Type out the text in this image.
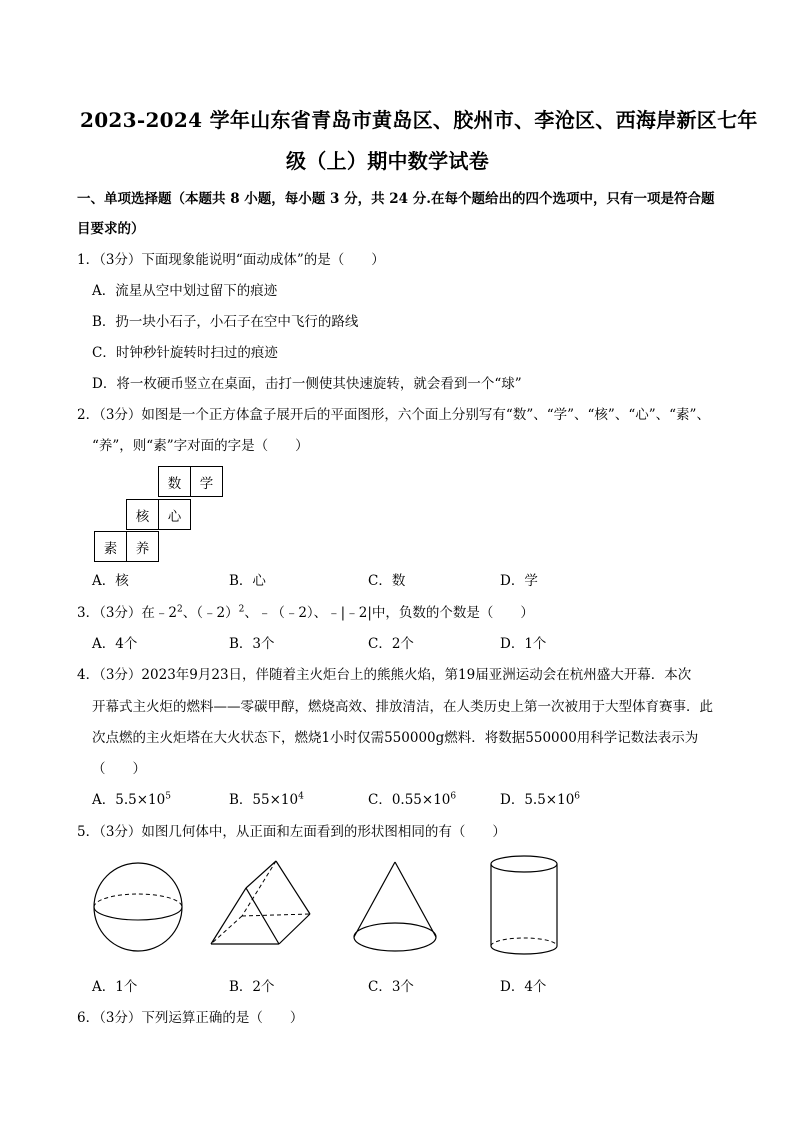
2023-2024 学年山东省青岛市黄岛区、胶州市、李沧区、西海岸新区七年
级（上）期中数学试卷
一、单项选择题（本题共 8 小题，每小题 3 分，共 24 分.在每个题给出的四个选项中，只有一项是符合题
目要求的）
1．（3分）下面现象能说明“面动成体”的是（　　）
A．流星从空中划过留下的痕迹
B．扔一块小石子，小石子在空中飞行的路线
C．时钟秒针旋转时扫过的痕迹
D．将一枚硬币竖立在桌面，击打一侧使其快速旋转，就会看到一个“球”
2．（3分）如图是一个正方体盒子展开后的平面图形，六个面上分别写有“数”、“学”、“核”、“心”、“素”、
“养”，则“素”字对面的字是（　　）
数	学
核	心
素	养
A．核	B．心	C．数	D．学
3．（3分）在$﹣2^2$、（﹣2）$^2$、﹣（﹣2）、﹣|﹣2|中，负数的个数是（　　）
A．4个	B．3个	C．2个	D．1个
4．（3分）2023年9月23日，伴随着主火炬台上的熊熊火焰，第19届亚洲运动会在杭州盛大开幕．本次
开幕式主火炬的燃料——零碳甲醇，燃烧高效、排放清洁，在人类历史上第一次被用于大型体育赛事．此
次点燃的主火炬塔在大火状态下，燃烧1小时仅需550000g燃料．将数据550000用科学记数法表示为
（　　）
A．$5.5\times 10^5$	B．$55\times 10^4$	C．$0.55\times 10^6$	D．$5.5\times 10^6$
5．（3分）如图几何体中，从正面和左面看到的形状图相同的有（　　）
A．1个	B．2个	C．3个	D．4个
6．（3分）下列运算正确的是（　　）
